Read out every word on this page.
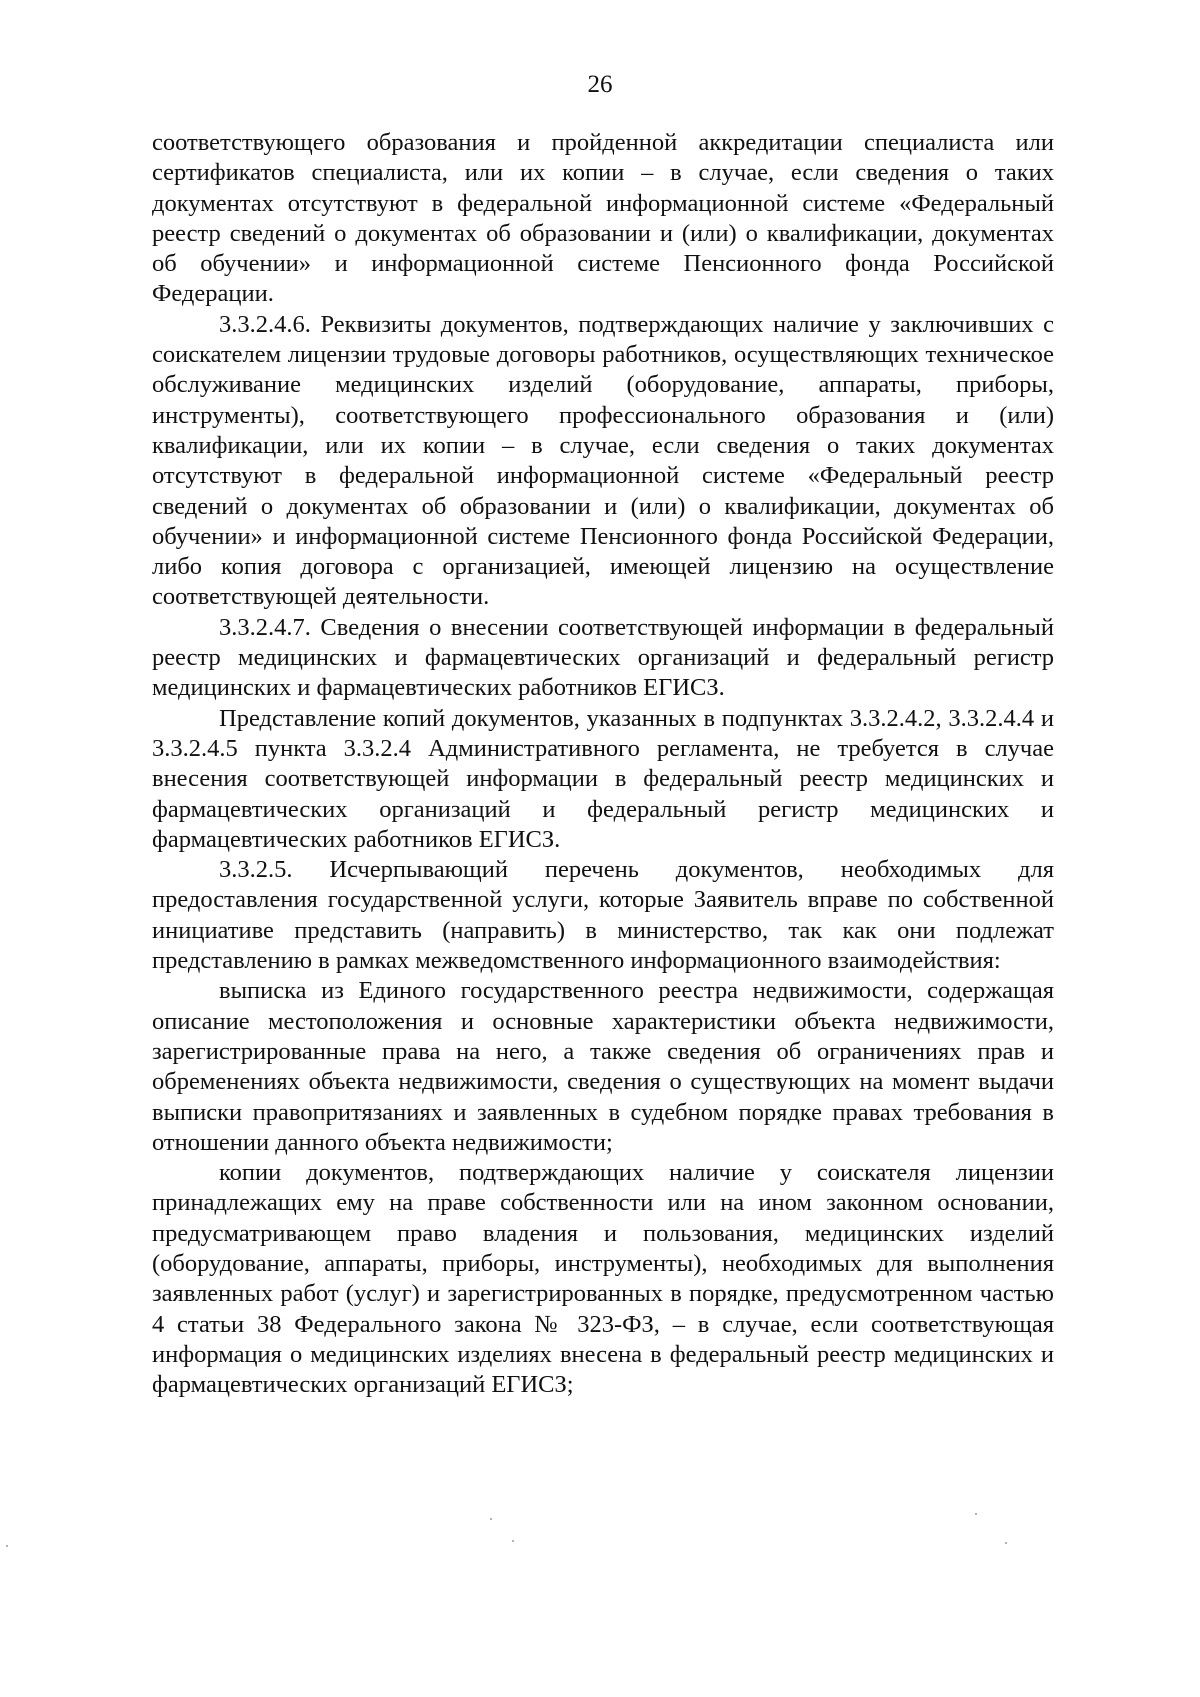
26

соответствующего образования и пройденной аккредитации специалиста или сертификатов специалиста, или их копии – в случае, если сведения о таких документах отсутствуют в федеральной информационной системе «Федеральный реестр сведений о документах об образовании и (или) о квалификации, документах об обучении» и информационной системе Пенсионного фонда Российской Федерации.

3.3.2.4.6. Реквизиты документов, подтверждающих наличие у заключивших с соискателем лицензии трудовые договоры работников, осуществляющих техническое обслуживание медицинских изделий (оборудование, аппараты, приборы, инструменты), соответствующего профессионального образования и (или) квалификации, или их копии – в случае, если сведения о таких документах отсутствуют в федеральной информационной системе «Федеральный реестр сведений о документах об образовании и (или) о квалификации, документах об обучении» и информационной системе Пенсионного фонда Российской Федерации, либо копия договора с организацией, имеющей лицензию на осуществление соответствующей деятельности.

3.3.2.4.7. Сведения о внесении соответствующей информации в федеральный реестр медицинских и фармацевтических организаций и федеральный регистр медицинских и фармацевтических работников ЕГИСЗ.

Представление копий документов, указанных в подпунктах 3.3.2.4.2, 3.3.2.4.4 и 3.3.2.4.5 пункта 3.3.2.4 Административного регламента, не требуется в случае внесения соответствующей информации в федеральный реестр медицинских и фармацевтических организаций и федеральный регистр медицинских и фармацевтических работников ЕГИСЗ.

3.3.2.5. Исчерпывающий перечень документов, необходимых для предоставления государственной услуги, которые Заявитель вправе по собственной инициативе представить (направить) в министерство, так как они подлежат представлению в рамках межведомственного информационного взаимодействия:

выписка из Единого государственного реестра недвижимости, содержащая описание местоположения и основные характеристики объекта недвижимости, зарегистрированные права на него, а также сведения об ограничениях прав и обременениях объекта недвижимости, сведения о существующих на момент выдачи выписки правопритязаниях и заявленных в судебном порядке правах требования в отношении данного объекта недвижимости;

копии документов, подтверждающих наличие у соискателя лицензии принадлежащих ему на праве собственности или на ином законном основании, предусматривающем право владения и пользования, медицинских изделий (оборудование, аппараты, приборы, инструменты), необходимых для выполнения заявленных работ (услуг) и зарегистрированных в порядке, предусмотренном частью 4 статьи 38 Федерального закона № 323-ФЗ, – в случае, если соответствующая информация о медицинских изделиях внесена в федеральный реестр медицинских и фармацевтических организаций ЕГИСЗ;
